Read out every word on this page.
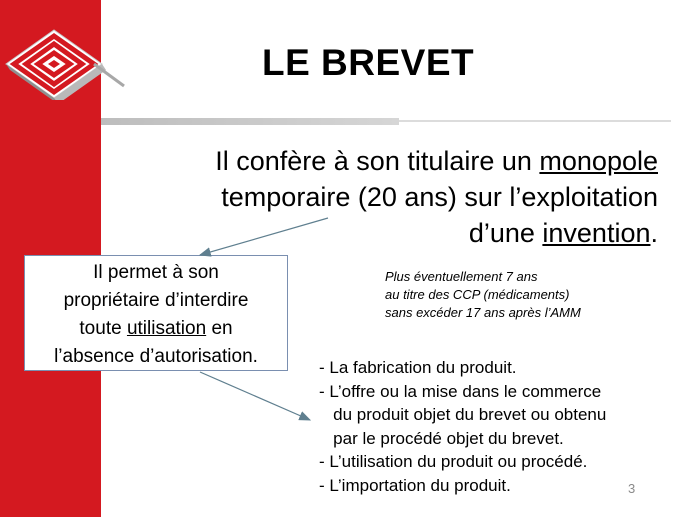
LE BREVET
Il confère à son titulaire un monopole
temporaire (20 ans) sur l’exploitation
d’une invention.
Il permet à son
propriétaire d’interdire
toute utilisation en
l’absence d’autorisation.
Plus éventuellement 7 ans
au titre des CCP (médicaments)
sans excéder 17 ans après l’AMM
- La fabrication du produit.
- L’offre ou la mise dans le commerce
du produit objet du brevet ou obtenu
par le procédé objet du brevet.
- L’utilisation du produit ou procédé.
- L’importation du produit.	3
